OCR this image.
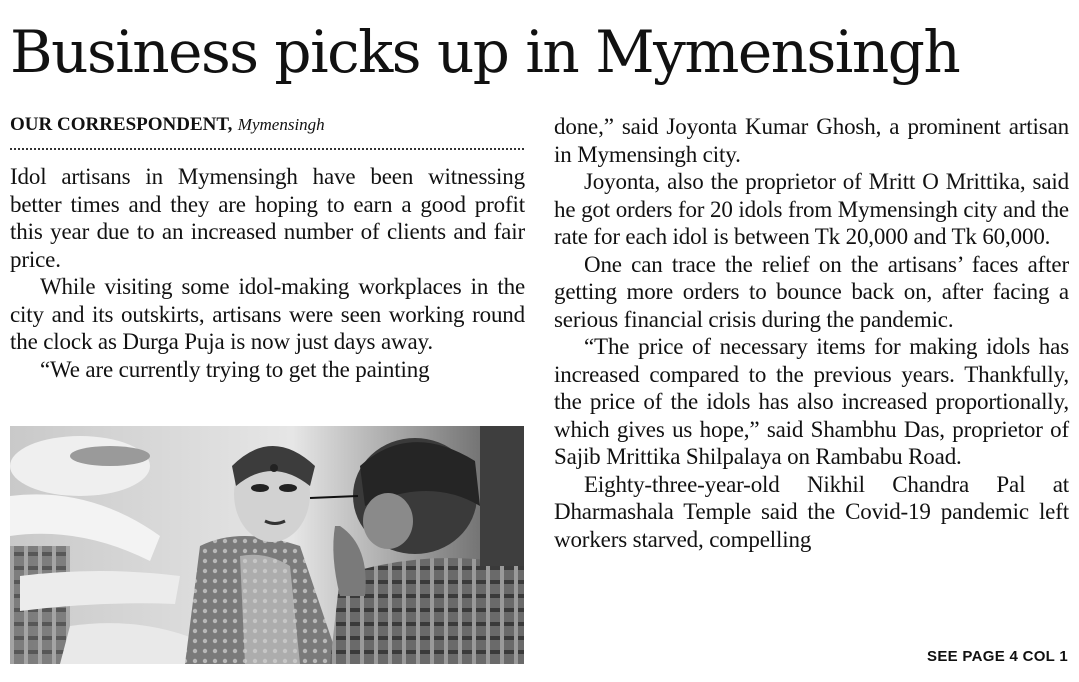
Business picks up in Mymensingh
OUR CORRESPONDENT, Mymensingh

Idol artisans in Mymensingh have been witnessing better times and they are hoping to earn a good profit this year due to an increased number of clients and fair price.

While visiting some idol-making workplaces in the city and its outskirts, artisans were seen working round the clock as Durga Puja is now just days away.

“We are currently trying to get the painting

done,” said Joyonta Kumar Ghosh, a prominent artisan in Mymensingh city.

Joyonta, also the proprietor of Mritt O Mrittika, said he got orders for 20 idols from Mymensingh city and the rate for each idol is between Tk 20,000 and Tk 60,000.

One can trace the relief on the artisans’ faces after getting more orders to bounce back on, after facing a serious financial crisis during the pandemic.

“The price of necessary items for making idols has increased compared to the previous years. Thankfully, the price of the idols has also increased proportionally, which gives us hope,” said Shambhu Das, proprietor of Sajib Mrittika Shilpalaya on Rambabu Road.

Eighty-three-year-old Nikhil Chandra Pal at Dharmashala Temple said the Covid-19 pandemic left workers starved, compelling

SEE PAGE 4 COL 1
